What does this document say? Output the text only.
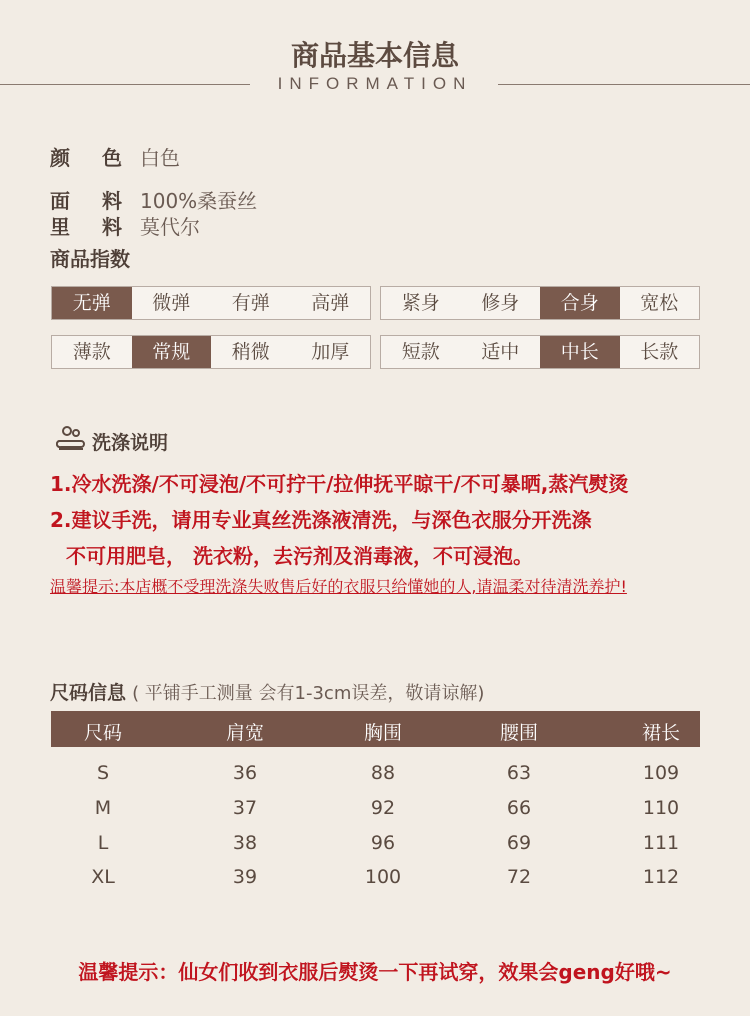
商品基本信息
INFORMATION
颜 色 白色
面 料 100%桑蚕丝
里 料 莫代尔
商品指数
无弹	微弹	有弹	高弹	紧身	修身	合身	宽松
薄款	常规	稍微	加厚	短款	适中	中长	长款
洗涤说明
1.冷水洗涤/不可浸泡/不可拧干/拉伸抚平晾干/不可暴晒,蒸汽熨烫
2.建议手洗，请用专业真丝洗涤液清洗，与深色衣服分开洗涤
不可用肥皂， 洗衣粉，去污剂及消毒液，不可浸泡。
温馨提示:本店概不受理洗涤失败售后好的衣服只给懂她的人,请温柔对待清洗养护!
尺码信息 ( 平铺手工测量 会有1-3cm误差，敬请谅解)
尺码	肩宽	胸围	腰围	裙长
S	36	88	63	109
M	37	92	66	110
L	38	96	69	111
XL	39	100	72	112
温馨提示：仙女们收到衣服后熨烫一下再试穿，效果会geng好哦~
